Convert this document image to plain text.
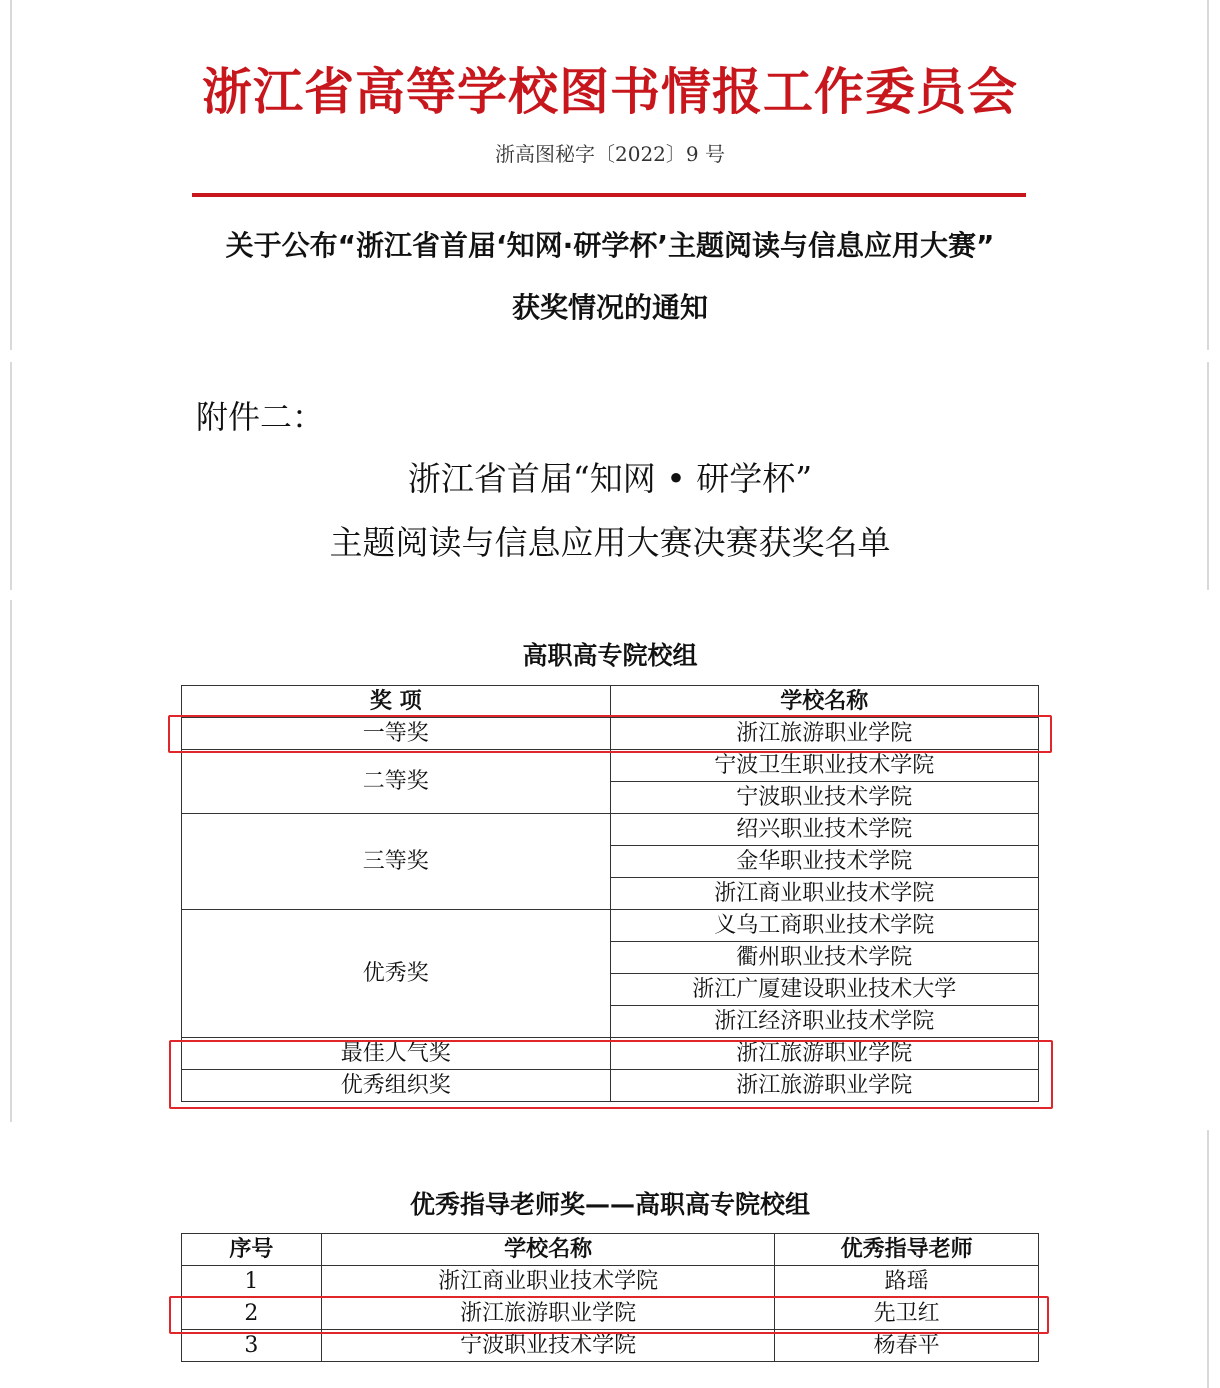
浙江省高等学校图书情报工作委员会
浙高图秘字〔2022〕9 号
关于公布“浙江省首届‘知网·研学杯’主题阅读与信息应用大赛”
获奖情况的通知
附件二：
浙江省首届“知网 • 研学杯”
主题阅读与信息应用大赛决赛获奖名单
高职高专院校组
奖 项	学校名称
一等奖	浙江旅游职业学院
二等奖	宁波卫生职业技术学院
	宁波职业技术学院
三等奖	绍兴职业技术学院
	金华职业技术学院
	浙江商业职业技术学院
优秀奖	义乌工商职业技术学院
	衢州职业技术学院
	浙江广厦建设职业技术大学
	浙江经济职业技术学院
最佳人气奖	浙江旅游职业学院
优秀组织奖	浙江旅游职业学院
优秀指导老师奖——高职高专院校组
序号	学校名称	优秀指导老师
1	浙江商业职业技术学院	路瑶
2	浙江旅游职业学院	先卫红
3	宁波职业技术学院	杨春平
